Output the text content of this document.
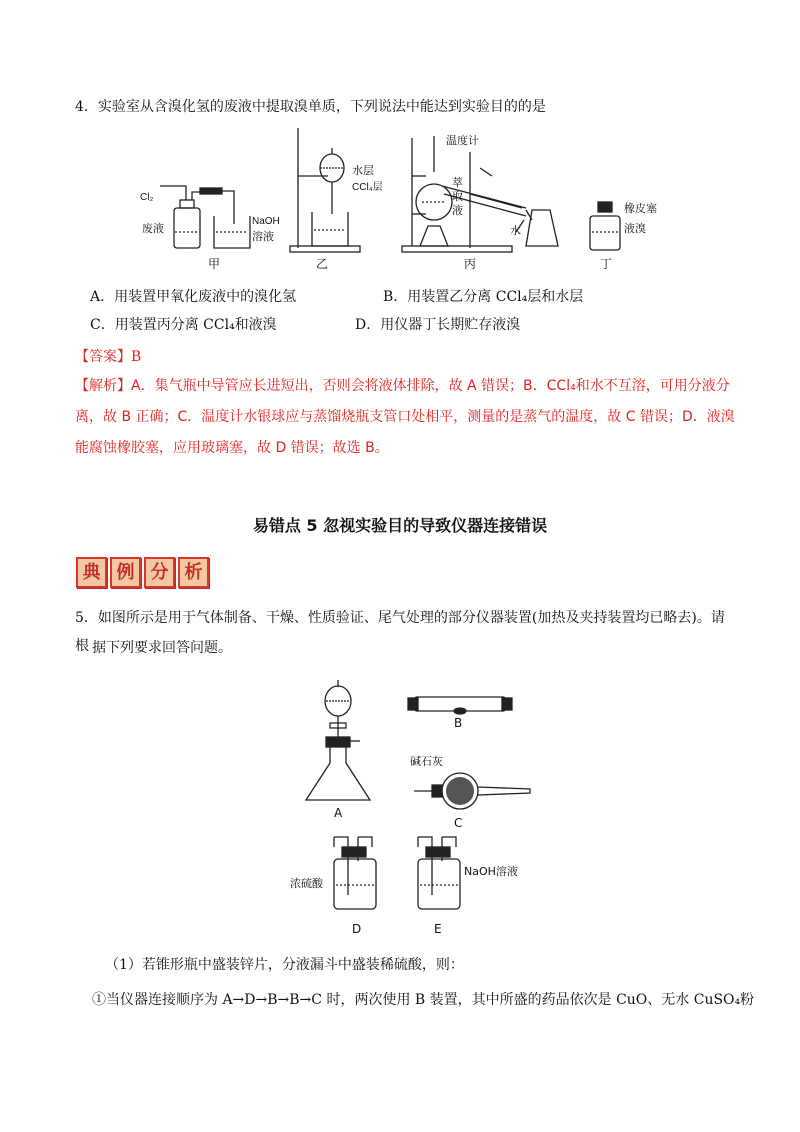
4．实验室从含溴化氢的废液中提取溴单质，下列说法中能达到实验目的的是
Cl₂
废液
NaOH
溶液
甲
水层
CCl₄层
乙
温度计
萃
取
液
水
丙
橡皮塞
液溴
丁
A．用装置甲氧化废液中的溴化氢	B．用装置乙分离 CCl₄层和水层
C．用装置丙分离 CCl₄和液溴	D．用仪器丁长期贮存液溴
【答案】B
【解析】A．集气瓶中导管应长进短出，否则会将液体排除，故 A 错误；B．CCl₄和水不互溶，可用分液分
离，故 B 正确；C．温度计水银球应与蒸馏烧瓶支管口处相平，测量的是蒸气的温度，故 C 错误；D．液溴
能腐蚀橡胶塞，应用玻璃塞，故 D 错误；故选 B。
易错点 5 忽视实验目的导致仪器连接错误
典 例 分 析
5．如图所示是用于气体制备、干燥、性质验证、尾气处理的部分仪器装置(加热及夹持装置均已略去)。请根 据下列要求回答问题。
A
B
碱石灰
C
浓硫酸
D
NaOH溶液
E
（1）若锥形瓶中盛装锌片，分液漏斗中盛装稀硫酸，则：
①当仪器连接顺序为 A→D→B→B→C 时，两次使用 B 装置，其中所盛的药品依次是 CuO、无水 CuSO₄粉
